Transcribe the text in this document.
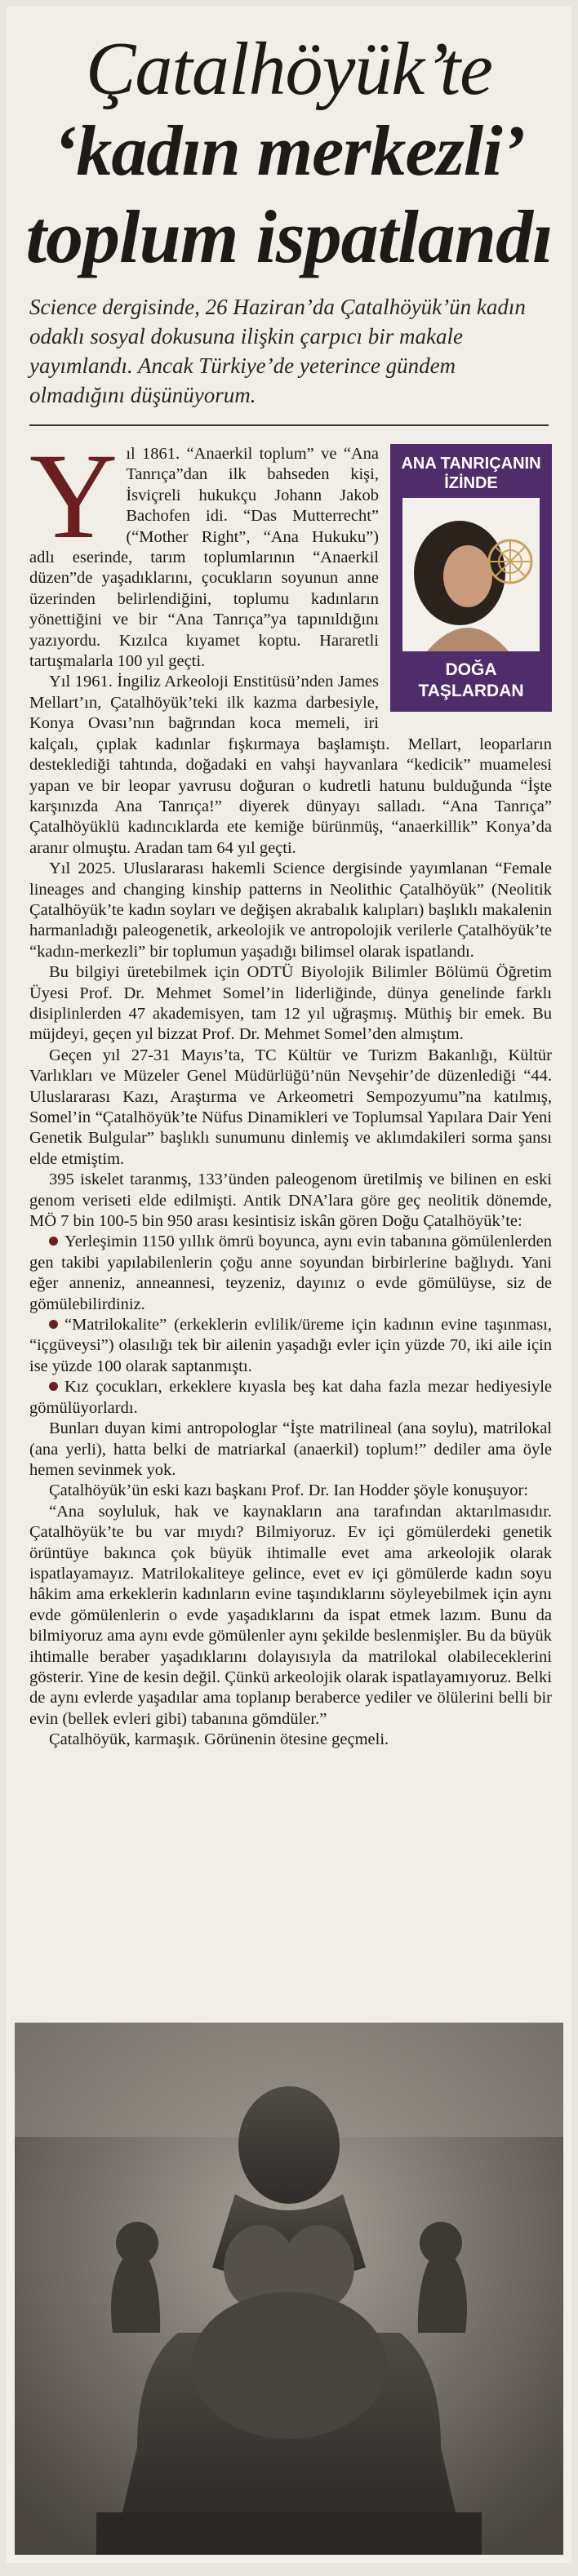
Çatalhöyük’te
‘kadın merkezli’
toplum ispatlandı
Science dergisinde, 26 Haziran’da Çatalhöyük’ün kadın odaklı sosyal dokusuna ilişkin çarpıcı bir makale yayımlandı. Ancak Türkiye’de yeterince gündem olmadığını düşünüyorum.
ANA TANRIÇANIN İZİNDE
DOĞA TAŞLARDAN

Yıl 1861. “Anaerkil toplum” ve “Ana Tanrıça”dan ilk bahseden kişi, İsviçreli hukukçu Johann Jakob Bachofen idi. “Das Mutterrecht” (“Mother Right”, “Ana Hukuku”) adlı eserinde, tarım toplumlarının “Anaerkil düzen”de yaşadıklarını, çocukların soyunun anne üzerinden belirlendiğini, toplumu kadınların yönettiğini ve bir “Ana Tanrıça”ya tapınıldığını yazıyordu. Kızılca kıyamet koptu. Hararetli tartışmalarla 100 yıl geçti.

Yıl 1961. İngiliz Arkeoloji Enstitüsü’nden James Mellart’ın, Çatalhöyük’teki ilk kazma darbesiyle, Konya Ovası’nın bağrından koca memeli, iri kalçalı, çıplak kadınlar fışkırmaya başlamıştı. Mellart, leoparların desteklediği tahtında, doğadaki en vahşi hayvanlara “kedicik” muamelesi yapan ve bir leopar yavrusu doğuran o kudretli hatunu bulduğunda “İşte karşınızda Ana Tanrıça!” diyerek dünyayı salladı. “Ana Tanrıça” Çatalhöyüklü kadıncıklarda ete kemiğe bürünmüş, “anaerkillik” Konya’da aranır olmuştu. Aradan tam 64 yıl geçti.

Yıl 2025. Uluslararası hakemli Science dergisinde yayımlanan “Female lineages and changing kinship patterns in Neolithic Çatalhöyük” (Neolitik Çatalhöyük’te kadın soyları ve değişen akrabalık kalıpları) başlıklı makalenin harmanladığı paleogenetik, arkeolojik ve antropolojik verilerle Çatalhöyük’te “kadın-merkezli” bir toplumun yaşadığı bilimsel olarak ispatlandı.

Bu bilgiyi üretebilmek için ODTÜ Biyolojik Bilimler Bölümü Öğretim Üyesi Prof. Dr. Mehmet Somel’in liderliğinde, dünya genelinde farklı disiplinlerden 47 akademisyen, tam 12 yıl uğraşmış. Müthiş bir emek. Bu müjdeyi, geçen yıl bizzat Prof. Dr. Mehmet Somel’den almıştım.

Geçen yıl 27-31 Mayıs’ta, TC Kültür ve Turizm Bakanlığı, Kültür Varlıkları ve Müzeler Genel Müdürlüğü’nün Nevşehir’de düzenlediği “44. Uluslararası Kazı, Araştırma ve Arkeometri Sempozyumu”na katılmış, Somel’in “Çatalhöyük’te Nüfus Dinamikleri ve Toplumsal Yapılara Dair Yeni Genetik Bulgular” başlıklı sunumunu dinlemiş ve aklımdakileri sorma şansı elde etmiştim.

395 iskelet taranmış, 133’ünden paleogenom üretilmiş ve bilinen en eski genom veriseti elde edilmişti. Antik DNA’lara göre geç neolitik dönemde, MÖ 7 bin 100-5 bin 950 arası kesintisiz iskân gören Doğu Çatalhöyük’te:

Yerleşimin 1150 yıllık ömrü boyunca, aynı evin tabanına gömülenlerden gen takibi yapılabilenlerin çoğu anne soyundan birbirlerine bağlıydı. Yani eğer anneniz, anneannesi, teyzeniz, dayınız o evde gömülüyse, siz de gömülebilirdiniz.

“Matrilokalite” (erkeklerin evlilik/üreme için kadının evine taşınması, “içgüveysi”) olasılığı tek bir ailenin yaşadığı evler için yüzde 70, iki aile için ise yüzde 100 olarak saptanmıştı.

Kız çocukları, erkeklere kıyasla beş kat daha fazla mezar hediyesiyle gömülüyorlardı.

Bunları duyan kimi antropologlar “İşte matrilineal (ana soylu), matrilokal (ana yerli), hatta belki de matriarkal (anaerkil) toplum!” dediler ama öyle hemen sevinmek yok.

Çatalhöyük’ün eski kazı başkanı Prof. Dr. Ian Hodder şöyle konuşuyor:

“Ana soyluluk, hak ve kaynakların ana tarafından aktarılmasıdır. Çatalhöyük’te bu var mıydı? Bilmiyoruz. Ev içi gömülerdeki genetik örüntüye bakınca çok büyük ihtimalle evet ama arkeolojik olarak ispatlayamayız. Matrilokaliteye gelince, evet ev içi gömülerde kadın soyu hâkim ama erkeklerin kadınların evine taşındıklarını söyleyebilmek için aynı evde gömülenlerin o evde yaşadıklarını da ispat etmek lazım. Bunu da bilmiyoruz ama aynı evde gömülenler aynı şekilde beslenmişler. Bu da büyük ihtimalle beraber yaşadıklarını dolayısıyla da matrilokal olabileceklerini gösterir. Yine de kesin değil. Çünkü arkeolojik olarak ispatlayamıyoruz. Belki de aynı evlerde yaşadılar ama toplanıp beraberce yediler ve ölülerini belli bir evin (bellek evleri gibi) tabanına gömdüler.”

Çatalhöyük, karmaşık. Görünenin ötesine geçmeli.
